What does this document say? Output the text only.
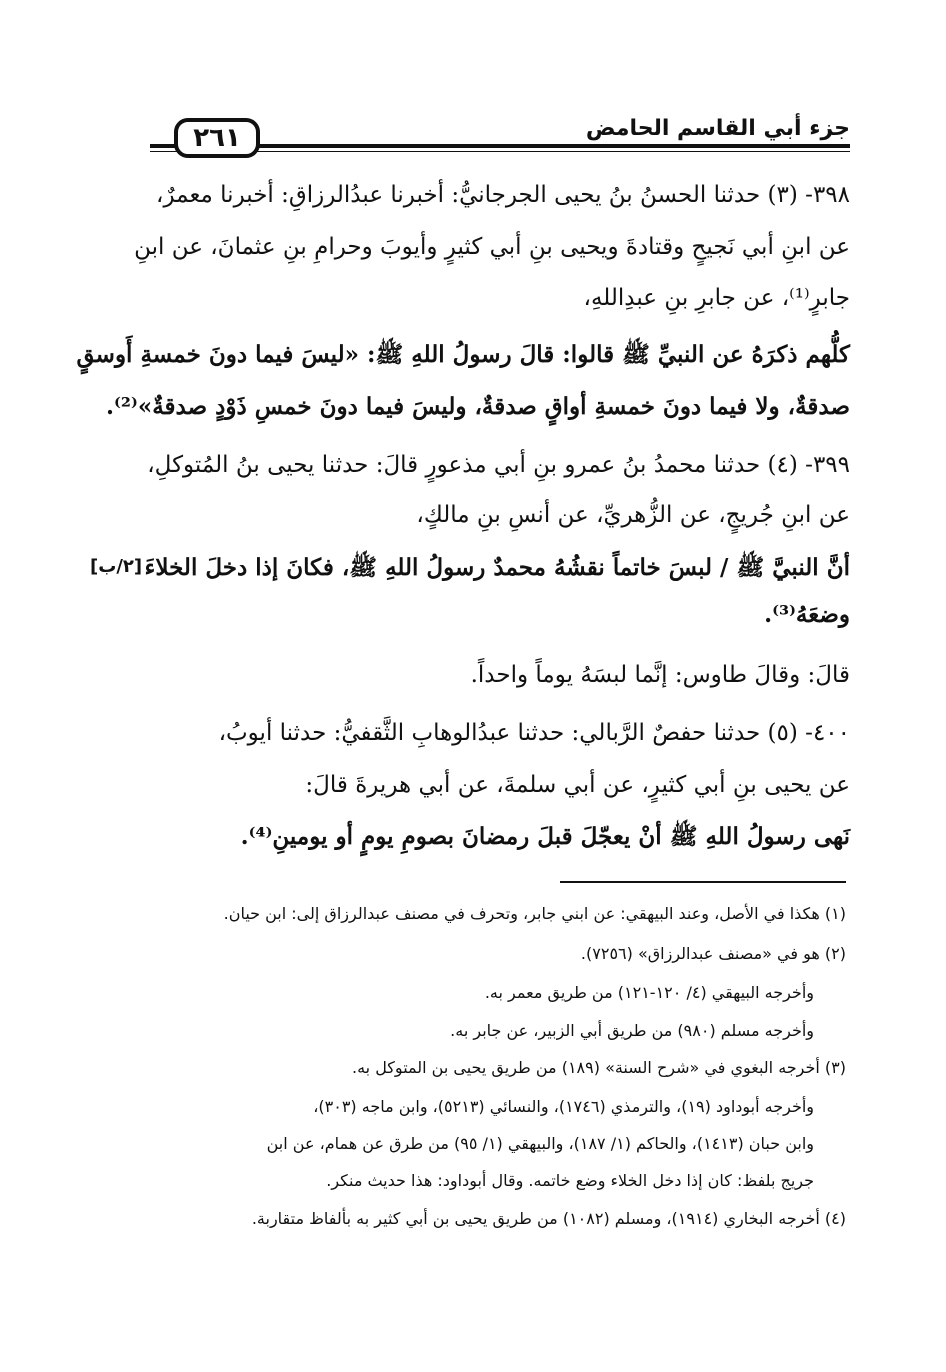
جزء أبي القاسم الحامض
٢٦١
٣٩٨- (٣) حدثنا الحسنُ بنُ يحيى الجرجانيُّ: أخبرنا عبدُالرزاقِ: أخبرنا معمرٌ،
عن ابنِ أبي نَجيحٍ وقتادةَ ويحيى بنِ أبي كثيرٍ وأيوبَ وحرامِ بنِ عثمانَ، عن ابنِ
جابرٍ⁽¹⁾، عن جابرِ بنِ عبدِاللهِ،
كلُّهم ذكرَهُ عن النبيِّ ﷺ قالوا: قالَ رسولُ اللهِ ﷺ: «ليسَ فيما دونَ خمسةِ أَوسقٍ
صدقةٌ، ولا فيما دونَ خمسةِ أواقٍ صدقةٌ، وليسَ فيما دونَ خمسِ ذَوْدٍ صدقةٌ»⁽²⁾.
٣٩٩- (٤) حدثنا محمدُ بنُ عمرو بنِ أبي مذعورٍ قالَ: حدثنا يحيى بنُ المُتوكلِ،
عن ابنِ جُريجٍ، عن الزُّهريِّ، عن أنسِ بنِ مالكٍ،
أنَّ النبيَّ ﷺ / لبسَ خاتماً نقشُهُ محمدٌ رسولُ اللهِ ﷺ، فكانَ إذا دخلَ الخلاءَ
وضعَهُ⁽³⁾.
[٢/ب]
قالَ: وقالَ طاوس: إنَّما لبسَهُ يوماً واحداً.
٤٠٠- (٥) حدثنا حفصٌ الرَّبالي: حدثنا عبدُالوهابِ الثَّقفيُّ: حدثنا أيوبُ،
عن يحيى بنِ أبي كثيرٍ، عن أبي سلمةَ، عن أبي هريرةَ قالَ:
نَهى رسولُ اللهِ ﷺ أنْ يعجّلَ قبلَ رمضانَ بصومِ يومٍ أو يومينِ⁽⁴⁾.
(١) هكذا في الأصل، وعند البيهقي: عن ابني جابر، وتحرف في مصنف عبدالرزاق إلى: ابن حيان.
(٢) هو في «مصنف عبدالرزاق» (٧٢٥٦).
وأخرجه البيهقي (٤/ ١٢٠-١٢١) من طريق معمر به.
وأخرجه مسلم (٩٨٠) من طريق أبي الزبير، عن جابر به.
(٣) أخرجه البغوي في «شرح السنة» (١٨٩) من طريق يحيى بن المتوكل به.
وأخرجه أبوداود (١٩)، والترمذي (١٧٤٦)، والنسائي (٥٢١٣)، وابن ماجه (٣٠٣)،
وابن حبان (١٤١٣)، والحاكم (١/ ١٨٧)، والبيهقي (١/ ٩٥) من طرق عن همام، عن ابن
جريج بلفظ: كان إذا دخل الخلاء وضع خاتمه. وقال أبوداود: هذا حديث منكر.
(٤) أخرجه البخاري (١٩١٤)، ومسلم (١٠٨٢) من طريق يحيى بن أبي كثير به بألفاظ متقاربة.
